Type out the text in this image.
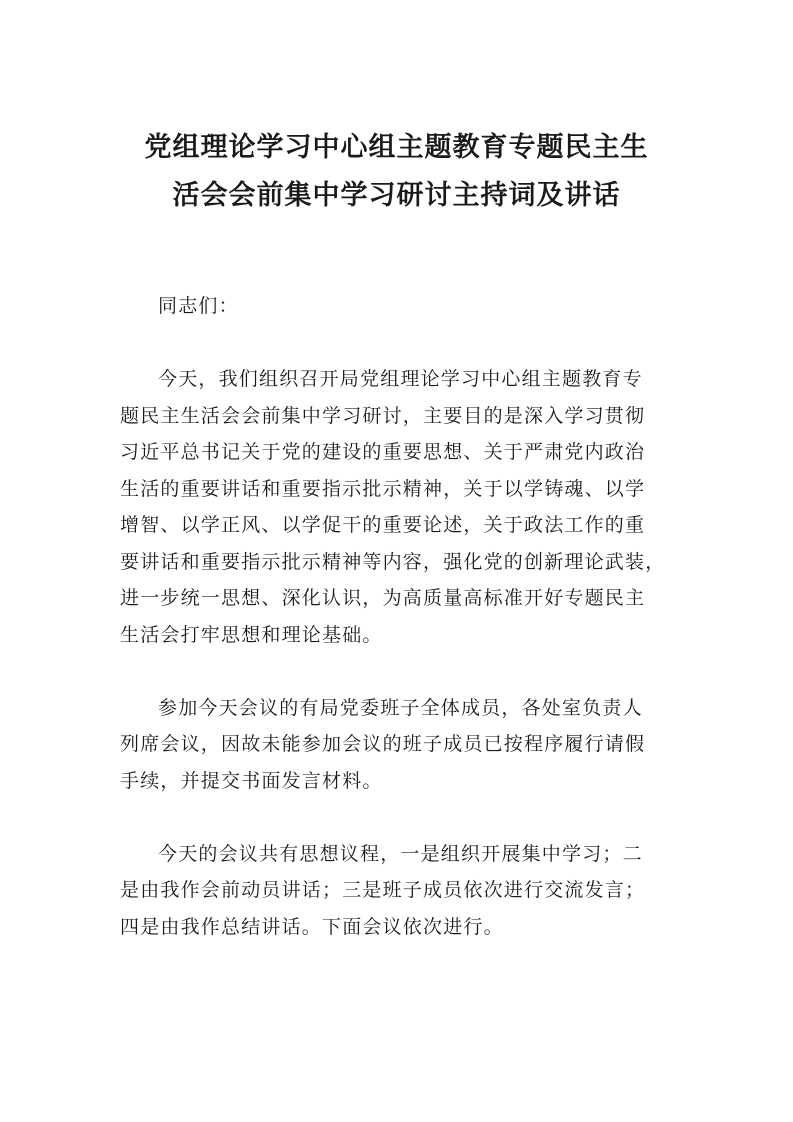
党组理论学习中心组主题教育专题民主生
活会会前集中学习研讨主持词及讲话
同志们：
今天，我们组织召开局党组理论学习中心组主题教育专
题民主生活会会前集中学习研讨，主要目的是深入学习贯彻
习近平总书记关于党的建设的重要思想、关于严肃党内政治
生活的重要讲话和重要指示批示精神，关于以学铸魂、以学
增智、以学正风、以学促干的重要论述，关于政法工作的重
要讲话和重要指示批示精神等内容，强化党的创新理论武装，
进一步统一思想、深化认识，为高质量高标准开好专题民主
生活会打牢思想和理论基础。
参加今天会议的有局党委班子全体成员，各处室负责人
列席会议，因故未能参加会议的班子成员已按程序履行请假
手续，并提交书面发言材料。
今天的会议共有思想议程，一是组织开展集中学习；二
是由我作会前动员讲话；三是班子成员依次进行交流发言；
四是由我作总结讲话。下面会议依次进行。
